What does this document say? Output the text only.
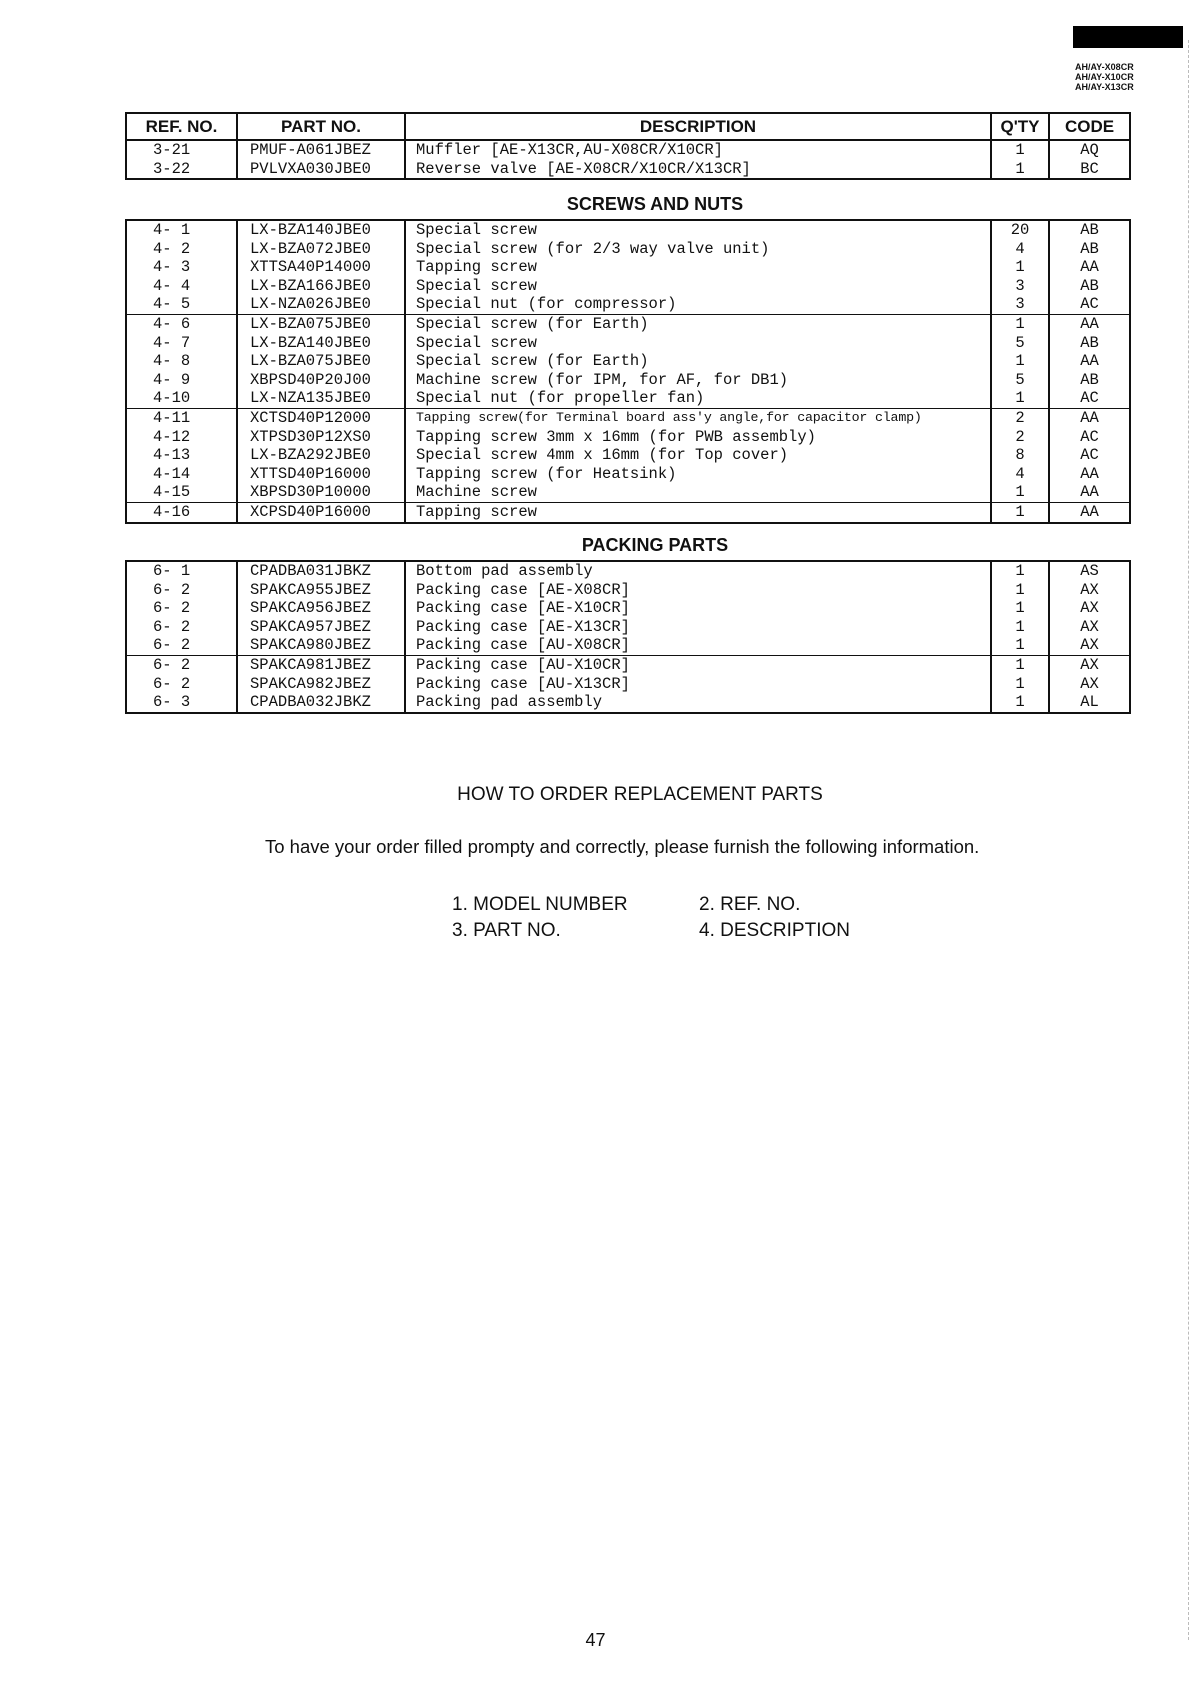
AH/AY-X08CR
AH/AY-X10CR
AH/AY-X13CR
REF. NO.	PART NO.	DESCRIPTION	Q'TY	CODE
3-21	PMUF-A061JBEZ	Muffler [AE-X13CR,AU-X08CR/X10CR]	1	AQ
3-22	PVLVXA030JBE0	Reverse valve [AE-X08CR/X10CR/X13CR]	1	BC
SCREWS AND NUTS
4- 1	LX-BZA140JBE0	Special screw	20	AB
4- 2	LX-BZA072JBE0	Special screw (for 2/3 way valve unit)	4	AB
4- 3	XTTSA40P14000	Tapping screw	1	AA
4- 4	LX-BZA166JBE0	Special screw	3	AB
4- 5	LX-NZA026JBE0	Special nut (for compressor)	3	AC
4- 6	LX-BZA075JBE0	Special screw (for Earth)	1	AA
4- 7	LX-BZA140JBE0	Special screw	5	AB
4- 8	LX-BZA075JBE0	Special screw (for Earth)	1	AA
4- 9	XBPSD40P20J00	Machine screw (for IPM, for AF, for DB1)	5	AB
4-10	LX-NZA135JBE0	Special nut (for propeller fan)	1	AC
4-11	XCTSD40P12000	Tapping screw(for Terminal board ass'y angle,for capacitor clamp)	2	AA
4-12	XTPSD30P12XS0	Tapping screw 3mm x 16mm (for PWB assembly)	2	AC
4-13	LX-BZA292JBE0	Special screw 4mm x 16mm (for Top cover)	8	AC
4-14	XTTSD40P16000	Tapping screw (for Heatsink)	4	AA
4-15	XBPSD30P10000	Machine screw	1	AA
4-16	XCPSD40P16000	Tapping screw	1	AA
PACKING PARTS
6- 1	CPADBA031JBKZ	Bottom pad assembly	1	AS
6- 2	SPAKCA955JBEZ	Packing case [AE-X08CR]	1	AX
6- 2	SPAKCA956JBEZ	Packing case [AE-X10CR]	1	AX
6- 2	SPAKCA957JBEZ	Packing case [AE-X13CR]	1	AX
6- 2	SPAKCA980JBEZ	Packing case [AU-X08CR]	1	AX
6- 2	SPAKCA981JBEZ	Packing case [AU-X10CR]	1	AX
6- 2	SPAKCA982JBEZ	Packing case [AU-X13CR]	1	AX
6- 3	CPADBA032JBKZ	Packing pad assembly	1	AL
HOW TO ORDER REPLACEMENT PARTS
To have your order filled prompty and correctly, please furnish the following information.
1. MODEL NUMBER	2. REF. NO.
3. PART NO.	4. DESCRIPTION
47
